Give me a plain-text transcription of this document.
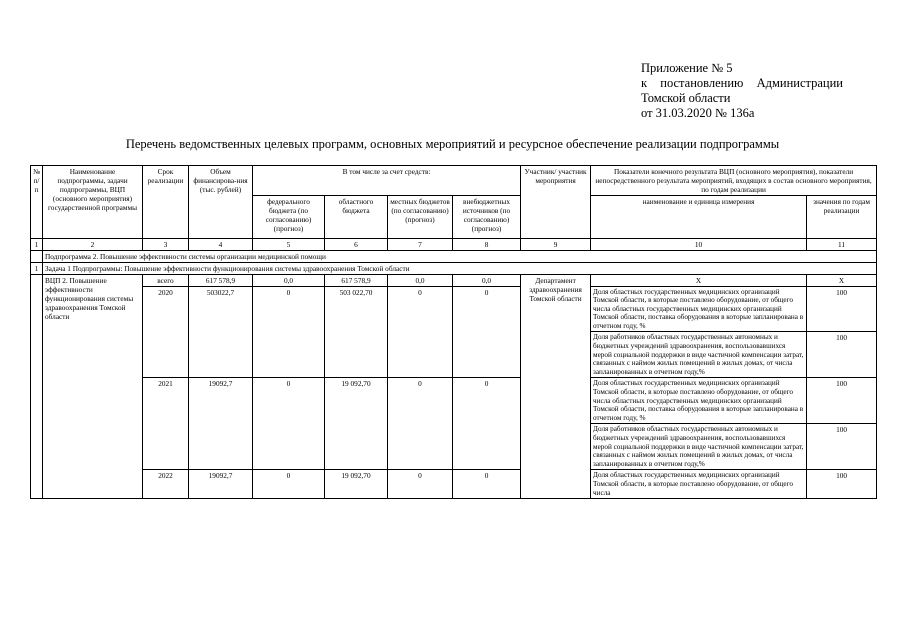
Приложение № 5
к постановлению Администрации
Томской области
от 31.03.2020 № 136а
Перечень ведомственных целевых программ, основных мероприятий и ресурсное обеспечение реализации подпрограммы
№ п/п	Наименование подпрограммы, задачи подпрограммы, ВЦП (основного мероприятия) государственной программы	Срок реализации	Объем финансирова-ния (тыс. рублей)	В том числе за счет средств:				Участник/ участник мероприятия	Показатели конечного результата ВЦП (основного мероприятия), показатели непосредственного результата мероприятий, входящих в состав основного мероприятия, по годам реализации	
				федерального бюджета (по согласованию) (прогноз)	областного бюджета	местных бюджетов (по согласованию) (прогноз)	внебюджетных источников (по согласованию) (прогноз)		наименование и единица измерения	значения по годам реализации

1	2	3	4	5	6	7	8	9	10	11
	Подпрограмма 2. Повышение эффективности системы организации медицинской помощи									
1	Задача 1 Подпрограммы: Повышение эффективности функционирования системы здравоохранения Томской области									
	ВЦП 2. Повышение эффективности функционирования системы здравоохранения Томской области	всего	617 578,9	0,0	617 578,9	0,0	0,0	Департамент здравоохранения Томской области	Х	Х
		2020	503022,7	0	503 022,70	0	0		Доля областных государственных медицинских организаций Томской области, в которые поставлено оборудование, от общего числа областных государственных медицинских организаций Томской области, поставка оборудования в которые запланирована в отчетном году, %	100
									Доля работников областных государственных автономных и бюджетных учреждений здравоохранения, воспользовавшихся мерой социальной поддержки в виде частичной компенсации затрат, связанных с наймом жилых помещений в жилых домах, от числа запланированных в отчетном году,%	100
		2021	19092,7	0	19 092,70	0	0		Доля областных государственных медицинских организаций Томской области, в которые поставлено оборудование, от общего числа областных государственных медицинских организаций Томской области, поставка оборудования в которые запланирована в отчетном году, %	100
									Доля работников областных государственных автономных и бюджетных учреждений здравоохранения, воспользовавшихся мерой социальной поддержки в виде частичной компенсации затрат, связанных с наймом жилых помещений в жилых домах, от числа запланированных в отчетном году,%	100
		2022	19092,7	0	19 092,70	0	0		Доля областных государственных медицинских организаций Томской области, в которые поставлено оборудование, от общего числа	100
